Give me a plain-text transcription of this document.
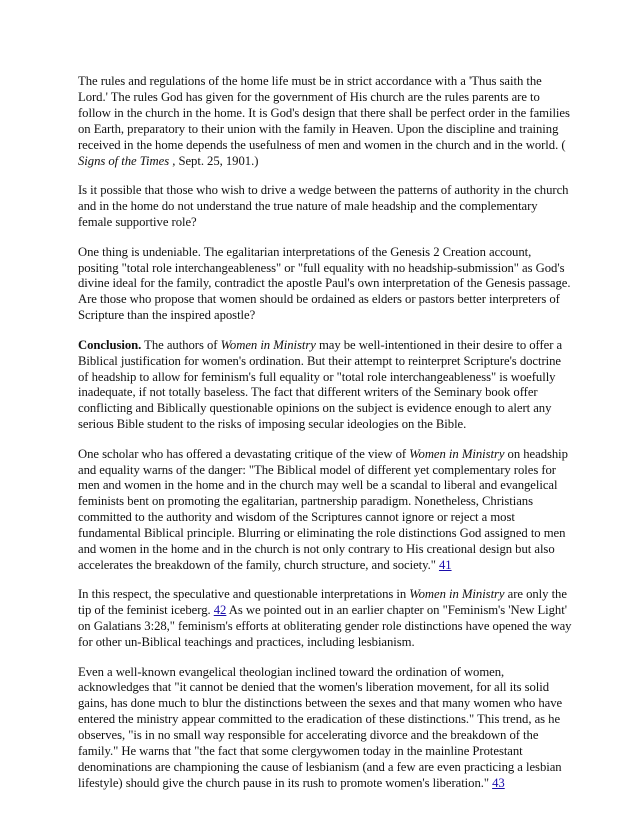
The rules and regulations of the home life must be in strict accordance with a 'Thus saith the Lord.' The rules God has given for the government of His church are the rules parents are to follow in the church in the home. It is God's design that there shall be perfect order in the families on Earth, preparatory to their union with the family in Heaven. Upon the discipline and training received in the home depends the usefulness of men and women in the church and in the world. ( Signs of the Times , Sept. 25, 1901.)

Is it possible that those who wish to drive a wedge between the patterns of authority in the church and in the home do not understand the true nature of male headship and the complementary female supportive role?

One thing is undeniable. The egalitarian interpretations of the Genesis 2 Creation account, positing "total role interchangeableness" or "full equality with no headship-submission" as God's divine ideal for the family, contradict the apostle Paul's own interpretation of the Genesis passage. Are those who propose that women should be ordained as elders or pastors better interpreters of Scripture than the inspired apostle?

Conclusion. The authors of Women in Ministry may be well-intentioned in their desire to offer a Biblical justification for women's ordination. But their attempt to reinterpret Scripture's doctrine of headship to allow for feminism's full equality or "total role interchangeableness" is woefully inadequate, if not totally baseless. The fact that different writers of the Seminary book offer conflicting and Biblically questionable opinions on the subject is evidence enough to alert any serious Bible student to the risks of imposing secular ideologies on the Bible.

One scholar who has offered a devastating critique of the view of Women in Ministry on headship and equality warns of the danger: "The Biblical model of different yet complementary roles for men and women in the home and in the church may well be a scandal to liberal and evangelical feminists bent on promoting the egalitarian, partnership paradigm. Nonetheless, Christians committed to the authority and wisdom of the Scriptures cannot ignore or reject a most fundamental Biblical principle. Blurring or eliminating the role distinctions God assigned to men and women in the home and in the church is not only contrary to His creational design but also accelerates the breakdown of the family, church structure, and society." 41

In this respect, the speculative and questionable interpretations in Women in Ministry are only the tip of the feminist iceberg. 42 As we pointed out in an earlier chapter on "Feminism's 'New Light' on Galatians 3:28," feminism's efforts at obliterating gender role distinctions have opened the way for other un-Biblical teachings and practices, including lesbianism.

Even a well-known evangelical theologian inclined toward the ordination of women, acknowledges that "it cannot be denied that the women's liberation movement, for all its solid gains, has done much to blur the distinctions between the sexes and that many women who have entered the ministry appear committed to the eradication of these distinctions." This trend, as he observes, "is in no small way responsible for accelerating divorce and the breakdown of the family." He warns that "the fact that some clergywomen today in the mainline Protestant denominations are championing the cause of lesbianism (and a few are even practicing a lesbian lifestyle) should give the church pause in its rush to promote women's liberation." 43
